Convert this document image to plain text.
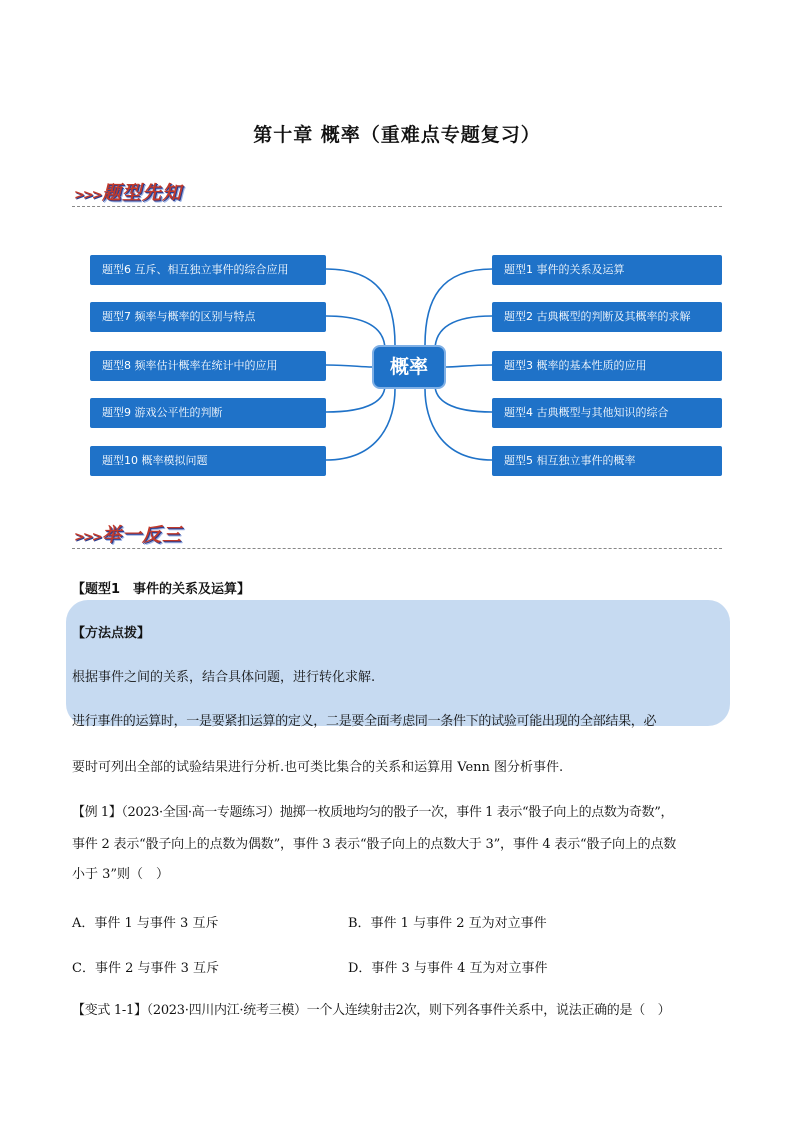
第十章 概率（重难点专题复习）
>>> 题型先知
题型6 互斥、相互独立事件的综合应用
题型7 频率与概率的区别与特点
题型8 频率估计概率在统计中的应用
题型9 游戏公平性的判断
题型10 概率模拟问题
题型1 事件的关系及运算
题型2 古典概型的判断及其概率的求解
题型3 概率的基本性质的应用
题型4 古典概型与其他知识的综合
题型5 相互独立事件的概率
概率
>>> 举一反三
【题型1　事件的关系及运算】
【方法点拨】
根据事件之间的关系，结合具体问题，进行转化求解.
进行事件的运算时，一是要紧扣运算的定义，二是要全面考虑同一条件下的试验可能出现的全部结果，必
要时可列出全部的试验结果进行分析.也可类比集合的关系和运算用 Venn 图分析事件.
【例 1】（2023·全国·高一专题练习）抛掷一枚质地均匀的骰子一次，事件 1 表示“骰子向上的点数为奇数”，
事件 2 表示“骰子向上的点数为偶数”，事件 3 表示“骰子向上的点数大于 3”，事件 4 表示“骰子向上的点数
小于 3”则（　）
A．事件 1 与事件 3 互斥	B．事件 1 与事件 2 互为对立事件
C．事件 2 与事件 3 互斥	D．事件 3 与事件 4 互为对立事件
【变式 1-1】（2023·四川内江·统考三模）一个人连续射击2次，则下列各事件关系中，说法正确的是（　）
